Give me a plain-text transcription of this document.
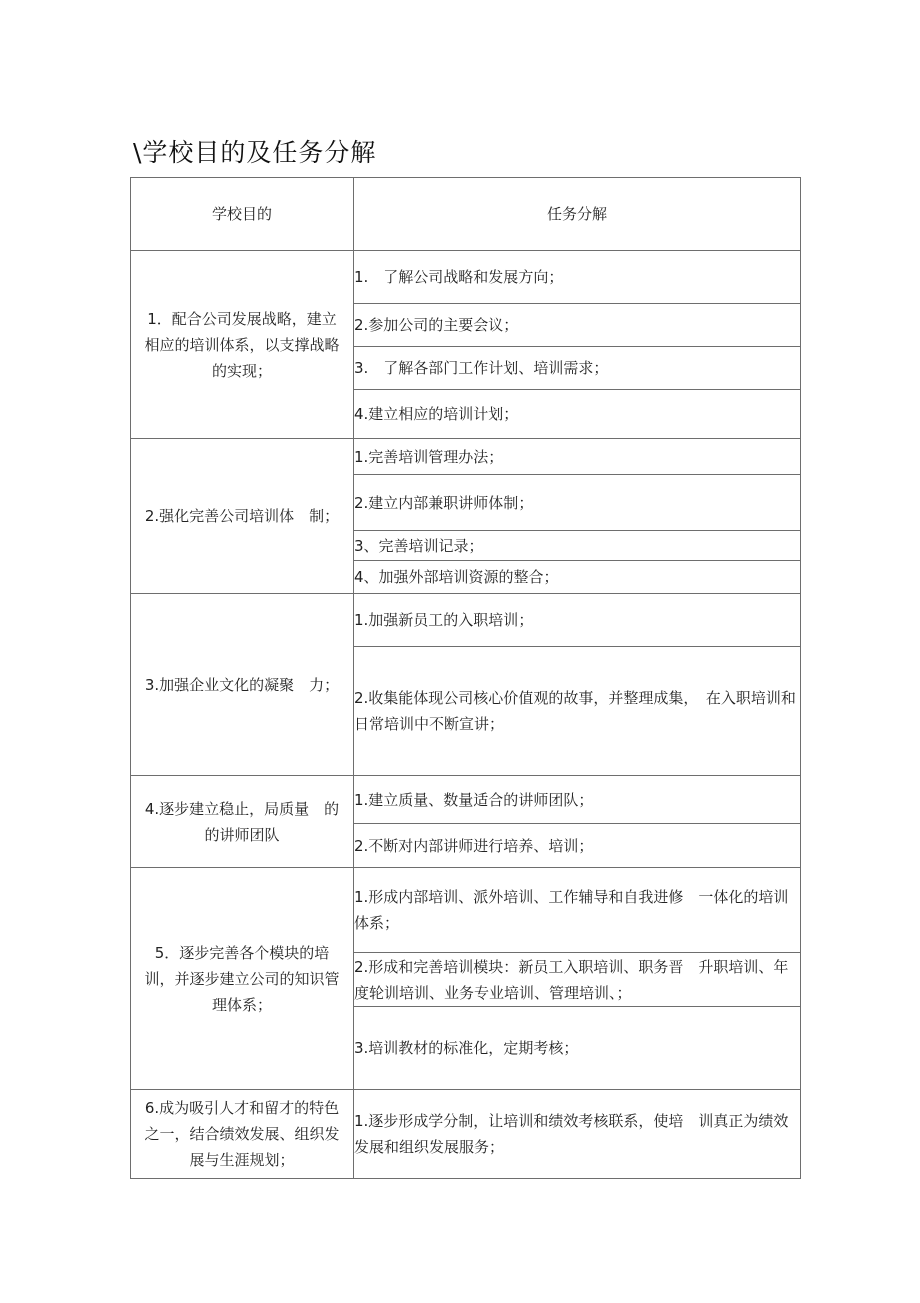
\学校目的及任务分解
学校目的	任务分解
1．配合公司发展战略，建立相应的培训体系，以支撑战略的实现；	1.　了解公司战略和发展方向；
	2.参加公司的主要会议；
	3.　了解各部门工作计划、培训需求；
	4.建立相应的培训计划；
2.强化完善公司培训体　制；	1.完善培训管理办法；
	2.建立内部兼职讲师体制；
	3、完善培训记录；
	4、加强外部培训资源的整合；
3.加强企业文化的凝聚　力；	1.加强新员工的入职培训；
	2.收集能体现公司核心价值观的故事，并整理成集，　在入职培训和日常培训中不断宣讲；
4.逐步建立稳止，局质量　的的讲师团队	1.建立质量、数量适合的讲师团队；
	2.不断对内部讲师进行培养、培训；
5．逐步完善各个模块的培训，并逐步建立公司的知识管理体系；	1.形成内部培训、派外培训、工作辅导和自我进修　一体化的培训体系；
	2.形成和完善培训模块：新员工入职培训、职务晋　升职培训、年度轮训培训、业务专业培训、管理培训、；
	3.培训教材的标准化，定期考核；
6.成为吸引人才和留才的特色之一，结合绩效发展、组织发展与生涯规划；	1.逐步形成学分制，让培训和绩效考核联系，使培　训真正为绩效发展和组织发展服务；
